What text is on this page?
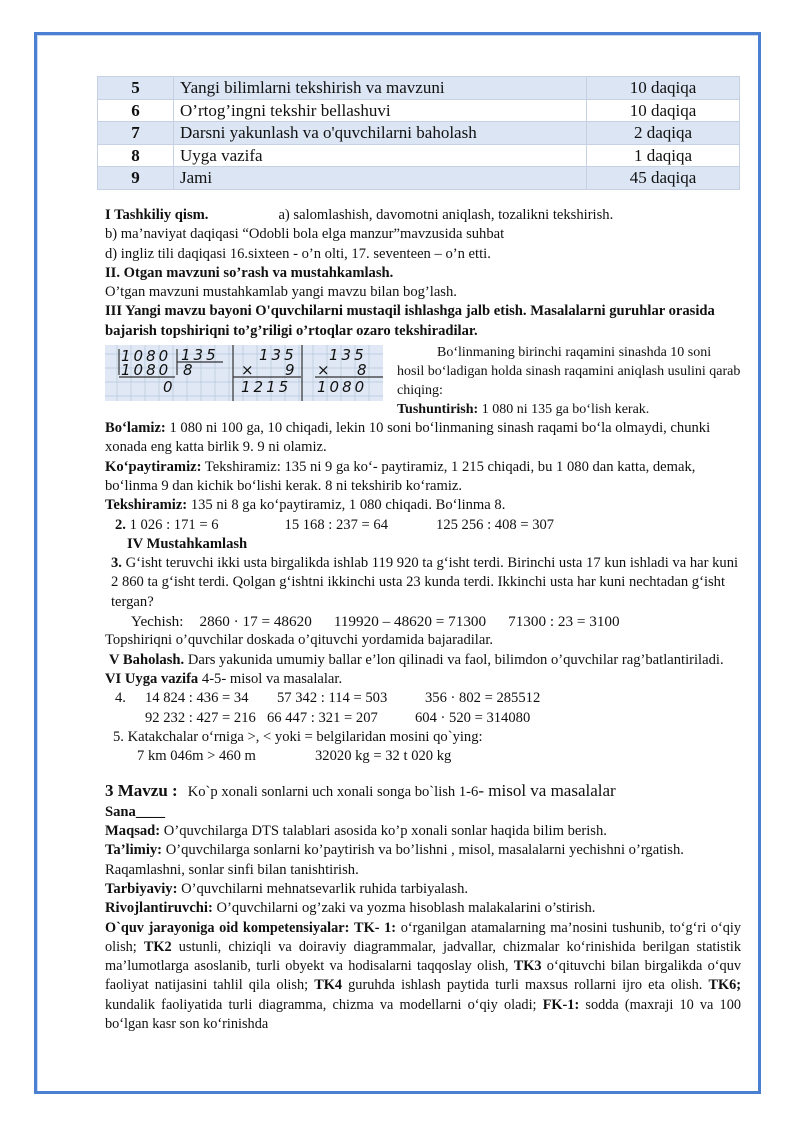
5	Yangi bilimlarni tekshirish va mavzuni	10 daqiqa
6	O’rtog’ingni tekshir bellashuvi	10 daqiqa
7	Darsni yakunlash va o'quvchilarni baholash	2 daqiqa
8	Uyga vazifa	1 daqiqa
9	Jami	45 daqiqa

I Tashkiliy qism.	a) salomlashish, davomotni aniqlash, tozalikni tekshirish.

b) ma’naviyat daqiqasi “Odobli bola elga manzur”mavzusida suhbat

d) ingliz tili daqiqasi 16.sixteen - o’n olti, 17. seventeen – o’n etti.

II. Otgan mavzuni so’rash va mustahkamlash.

O’tgan mavzuni mustahkamlab yangi mavzu bilan bog’lash.

III Yangi mavzu bayoni O'quvchilarni mustaqil ishlashga jalb etish. Masalalarni guruhlar orasida bajarish topshiriqni to’g’riligi o’rtoqlar ozaro tekshiradilar.

1080 135
1080 8
0
135
× 9
1215
135
× 8
1080

Bo‘linmaning birinchi raqamini sinashda 10 soni hosil bo‘ladigan holda sinash raqamini aniqlash usulini qarab chiqing:

Tushuntirish: 1 080 ni 135 ga bo‘lish kerak.

Bo‘lamiz: 1 080 ni 100 ga, 10 chiqadi, lekin 10 soni bo‘linmaning sinash raqami bo‘la olmaydi, chunki xonada eng katta birlik 9. 9 ni olamiz.

Ko‘paytiramiz: Tekshiramiz: 135 ni 9 ga ko‘- paytiramiz, 1 215 chiqadi, bu 1 080 dan katta, demak, bo‘linma 9 dan kichik bo‘lishi kerak. 8 ni tekshirib ko‘ramiz.

Tekshiramiz: 135 ni 8 ga ko‘paytiramiz, 1 080 chiqadi. Bo‘linma 8.

2. 1 026 : 171 = 6	15 168 : 237 = 64	125 256 : 408 = 307

IV Mustahkamlash

3. G‘isht teruvchi ikki usta birgalikda ishlab 119 920 ta g‘isht terdi. Birinchi usta 17 kun ishladi va har kuni 2 860 ta g‘isht terdi. Qolgan g‘ishtni ikkinchi usta 23 kunda terdi. Ikkinchi usta har kuni nechtadan g‘isht tergan?

Yechish: 2860 · 17 = 48620 119920 – 48620 = 71300 71300 : 23 = 3100

Topshiriqni o’quvchilar doskada o’qituvchi yordamida bajaradilar.

V Baholash. Dars yakunida umumiy ballar e’lon qilinadi va faol, bilimdon o’quvchilar rag’batlantiriladi.

VI Uyga vazifa 4-5- misol va masalalar.

4. 14 824 : 436 = 34 57 342 : 114 = 503	356 · 802 = 285512

92 232 : 427 = 216 66 447 : 321 = 207	604 · 520 = 314080

5. Katakchalar o‘rniga >, < yoki = belgilaridan mosini qo`ying:

7 km 046m > 460 m	32020 kg = 32 t 020 kg

3 Mavzu : Ko`p xonali sonlarni uch xonali songa bo`lish 1-6- misol va masalalar

Sana____

Maqsad: O’quvchilarga DTS talablari asosida ko’p xonali sonlar haqida bilim berish.

Ta’limiy: O’quvchilarga sonlarni ko’paytirish va bo’lishni , misol, masalalarni yechishni o’rgatish. Raqamlashni, sonlar sinfi bilan tanishtirish.

Tarbiyaviy: O’quvchilarni mehnatsevarlik ruhida tarbiyalash.

Rivojlantiruvchi: O’quvchilarni og’zaki va yozma hisoblash malakalarini o’stirish.

O`quv jarayoniga oid kompetensiyalar: TK- 1: o‘rganilgan atamalarning ma’nosini tushunib, to‘g‘ri o‘qiy olish; TK2 ustunli, chiziqli va doiraviy diagrammalar, jadvallar, chizmalar ko‘rinishida berilgan statistik ma’lumotlarga asoslanib, turli obyekt va hodisalarni taqqoslay olish, TK3 o‘qituvchi bilan birgalikda o‘quv faoliyat natijasini tahlil qila olish; TK4 guruhda ishlash paytida turli maxsus rollarni ijro eta olish. TK6; kundalik faoliyatida turli diagramma, chizma va modellarni o‘qiy oladi; FK-1: sodda (maxraji 10 va 100 bo‘lgan kasr son ko‘rinishda
